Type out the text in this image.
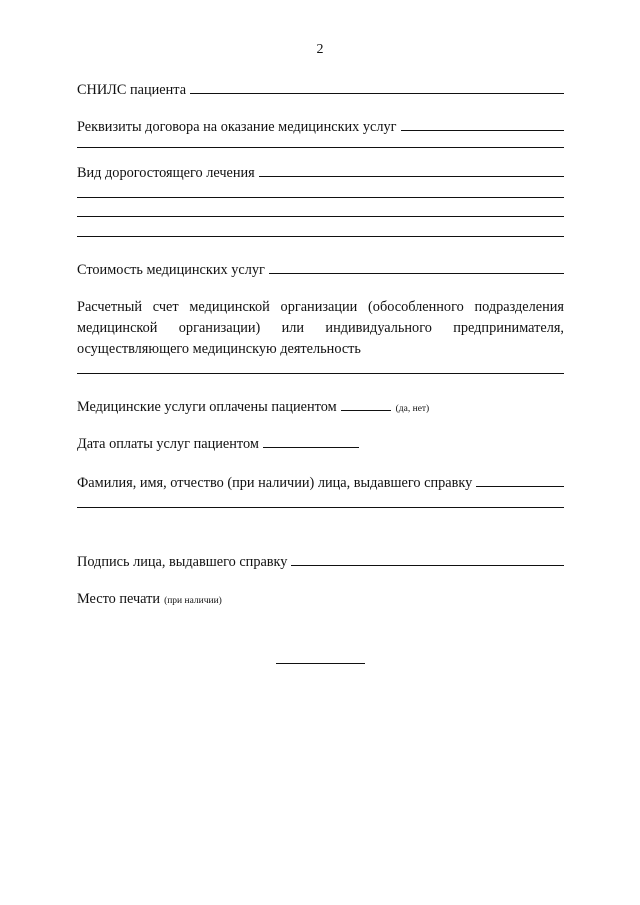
2
СНИЛС пациента
Реквизиты договора на оказание медицинских услуг
Вид дорогостоящего лечения
Стоимость медицинских услуг
Расчетный счет медицинской организации (обособленного подразделения
медицинской организации) или индивидуального предпринимателя,
осуществляющего медицинскую деятельность
Медицинские услуги оплачены пациентом	(да, нет)
Дата оплаты услуг пациентом
Фамилия, имя, отчество (при наличии) лица, выдавшего справку
Подпись лица, выдавшего справку
Место печати (при наличии)
